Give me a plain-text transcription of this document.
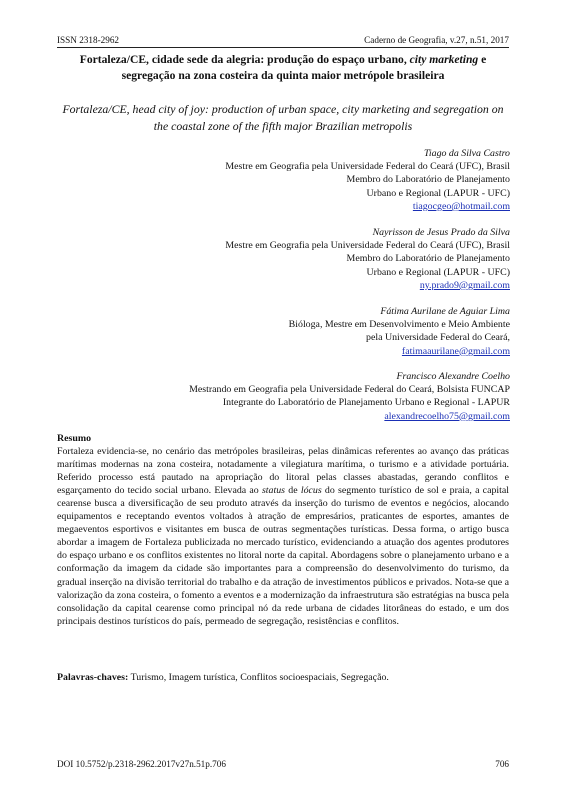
ISSN 2318-2962	Caderno de Geografia, v.27, n.51, 2017
Fortaleza/CE, cidade sede da alegria: produção do espaço urbano, city marketing e segregação na zona costeira da quinta maior metrópole brasileira
Fortaleza/CE, head city of joy: production of urban space, city marketing and segregation on the coastal zone of the fifth major Brazilian metropolis
Tiago da Silva Castro
Mestre em Geografia pela Universidade Federal do Ceará (UFC), Brasil
Membro do Laboratório de Planejamento
Urbano e Regional (LAPUR - UFC)
tiagocgeo@hotmail.com
Nayrisson de Jesus Prado da Silva
Mestre em Geografia pela Universidade Federal do Ceará (UFC), Brasil
Membro do Laboratório de Planejamento
Urbano e Regional (LAPUR - UFC)
ny.prado9@gmail.com
Fátima Aurilane de Aguiar Lima
Bióloga, Mestre em Desenvolvimento e Meio Ambiente
pela Universidade Federal do Ceará,
fatimaaurilane@gmail.com
Francisco Alexandre Coelho
Mestrando em Geografia pela Universidade Federal do Ceará, Bolsista FUNCAP
Integrante do Laboratório de Planejamento Urbano e Regional - LAPUR
alexandrecoelho75@gmail.com
Resumo
Fortaleza evidencia-se, no cenário das metrópoles brasileiras, pelas dinâmicas referentes ao avanço das práticas marítimas modernas na zona costeira, notadamente a vilegiatura marítima, o turismo e a atividade portuária. Referido processo está pautado na apropriação do litoral pelas classes abastadas, gerando conflitos e esgarçamento do tecido social urbano. Elevada ao status de lócus do segmento turístico de sol e praia, a capital cearense busca a diversificação de seu produto através da inserção do turismo de eventos e negócios, alocando equipamentos e receptando eventos voltados à atração de empresários, praticantes de esportes, amantes de megaeventos esportivos e visitantes em busca de outras segmentações turísticas. Dessa forma, o artigo busca abordar a imagem de Fortaleza publicizada no mercado turístico, evidenciando a atuação dos agentes produtores do espaço urbano e os conflitos existentes no litoral norte da capital. Abordagens sobre o planejamento urbano e a conformação da imagem da cidade são importantes para a compreensão do desenvolvimento do turismo, da gradual inserção na divisão territorial do trabalho e da atração de investimentos públicos e privados. Nota-se que a valorização da zona costeira, o fomento a eventos e a modernização da infraestrutura são estratégias na busca pela consolidação da capital cearense como principal nó da rede urbana de cidades litorâneas do estado, e um dos principais destinos turísticos do país, permeado de segregação, resistências e conflitos.
Palavras-chaves: Turismo, Imagem turística, Conflitos socioespaciais, Segregação.
DOI 10.5752/p.2318-2962.2017v27n.51p.706	706
